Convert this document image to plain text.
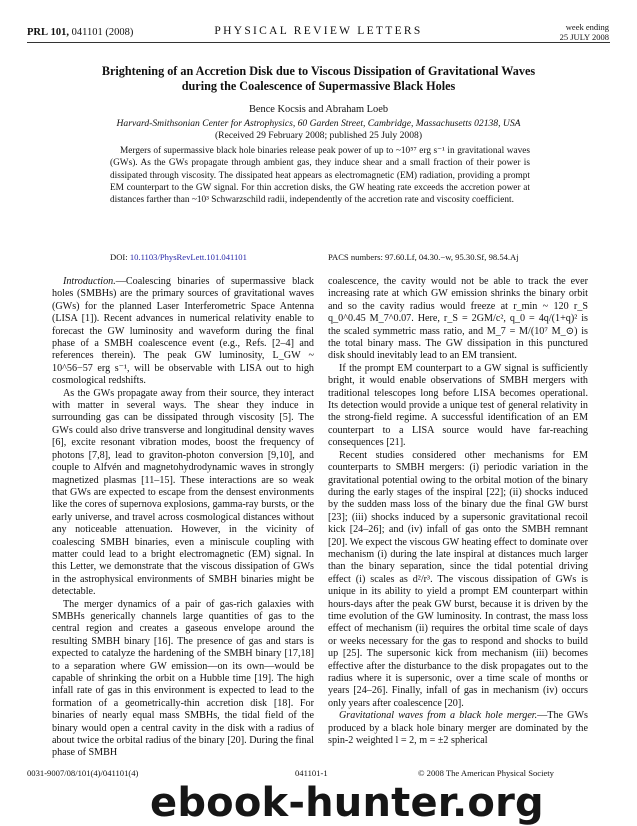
PRL 101, 041101 (2008)	PHYSICAL REVIEW LETTERS	week ending
25 JULY 2008
Brightening of an Accretion Disk due to Viscous Dissipation of Gravitational Waves
during the Coalescence of Supermassive Black Holes
Bence Kocsis and Abraham Loeb
Harvard-Smithsonian Center for Astrophysics, 60 Garden Street, Cambridge, Massachusetts 02138, USA
(Received 29 February 2008; published 25 July 2008)

Mergers of supermassive black hole binaries release peak power of up to ~10⁵⁷ erg s⁻¹ in gravitational waves (GWs). As the GWs propagate through ambient gas, they induce shear and a small fraction of their power is dissipated through viscosity. The dissipated heat appears as electromagnetic (EM) radiation, providing a prompt EM counterpart to the GW signal. For thin accretion disks, the GW heating rate exceeds the accretion power at distances farther than ~10³ Schwarzschild radii, independently of the accretion rate and viscosity coefficient.

DOI: 10.1103/PhysRevLett.101.041101	PACS numbers: 97.60.Lf, 04.30.−w, 95.30.Sf, 98.54.Aj

Introduction.—Coalescing binaries of supermassive black holes (SMBHs) are the primary sources of gravitational waves (GWs) for the planned Laser Interferometric Space Antenna (LISA [1]). Recent advances in numerical relativity enable to forecast the GW luminosity and waveform during the final phase of a SMBH coalescence event (e.g., Refs. [2–4] and references therein). The peak GW luminosity, L_GW ~ 10^56−57 erg s⁻¹, will be observable with LISA out to high cosmological redshifts.

As the GWs propagate away from their source, they interact with matter in several ways. The shear they induce in surrounding gas can be dissipated through viscosity [5]. The GWs could also drive transverse and longitudinal density waves [6], excite resonant vibration modes, boost the frequency of photons [7,8], lead to graviton-photon conversion [9,10], and couple to Alfvén and magnetohydrodynamic waves in strongly magnetized plasmas [11–15]. These interactions are so weak that GWs are expected to escape from the densest environments like the cores of supernova explosions, gamma-ray bursts, or the early universe, and travel across cosmological distances without any noticeable attenuation. However, in the vicinity of coalescing SMBH binaries, even a miniscule coupling with matter could lead to a bright electromagnetic (EM) signal. In this Letter, we demonstrate that the viscous dissipation of GWs in the astrophysical environments of SMBH binaries might be detectable.

The merger dynamics of a pair of gas-rich galaxies with SMBHs generically channels large quantities of gas to the central region and creates a gaseous envelope around the resulting SMBH binary [16]. The presence of gas and stars is expected to catalyze the hardening of the SMBH binary [17,18] to a separation where GW emission—on its own—would be capable of shrinking the orbit on a Hubble time [19]. The high infall rate of gas in this environment is expected to lead to the formation of a geometrically-thin accretion disk [18]. For binaries of nearly equal mass SMBHs, the tidal field of the binary would open a central cavity in the disk with a radius of about twice the orbital radius of the binary [20]. During the final phase of SMBH

coalescence, the cavity would not be able to track the ever increasing rate at which GW emission shrinks the binary orbit and so the cavity radius would freeze at r_min ~ 120 r_S q_0^0.45 M_7^0.07. Here, r_S = 2GM/c², q_0 = 4q/(1+q)² is the scaled symmetric mass ratio, and M_7 = M/(10⁷ M_⊙) is the total binary mass. The GW dissipation in this punctured disk should inevitably lead to an EM transient.

If the prompt EM counterpart to a GW signal is sufficiently bright, it would enable observations of SMBH mergers with traditional telescopes long before LISA becomes operational. Its detection would provide a unique test of general relativity in the strong-field regime. A successful identification of an EM counterpart to a LISA source would have far-reaching consequences [21].

Recent studies considered other mechanisms for EM counterparts to SMBH mergers: (i) periodic variation in the gravitational potential owing to the orbital motion of the binary during the early stages of the inspiral [22]; (ii) shocks induced by the sudden mass loss of the binary due the final GW burst [23]; (iii) shocks induced by a supersonic gravitational recoil kick [24–26]; and (iv) infall of gas onto the SMBH remnant [20]. We expect the viscous GW heating effect to dominate over mechanism (i) during the late inspiral at distances much larger than the binary separation, since the tidal potential driving effect (i) scales as d²/r³. The viscous dissipation of GWs is unique in its ability to yield a prompt EM counterpart within hours-days after the peak GW burst, because it is driven by the time evolution of the GW luminosity. In contrast, the mass loss effect of mechanism (ii) requires the orbital time scale of days or weeks necessary for the gas to respond and shocks to build up [25]. The supersonic kick from mechanism (iii) becomes effective after the disturbance to the disk propagates out to the radius where it is supersonic, over a time scale of months or years [24–26]. Finally, infall of gas in mechanism (iv) occurs only years after coalescence [20].

Gravitational waves from a black hole merger.—The GWs produced by a black hole binary merger are dominated by the spin-2 weighted l = 2, m = ±2 spherical

0031-9007/08/101(4)/041101(4)	041101-1	© 2008 The American Physical Society
ebook-hunter.org
